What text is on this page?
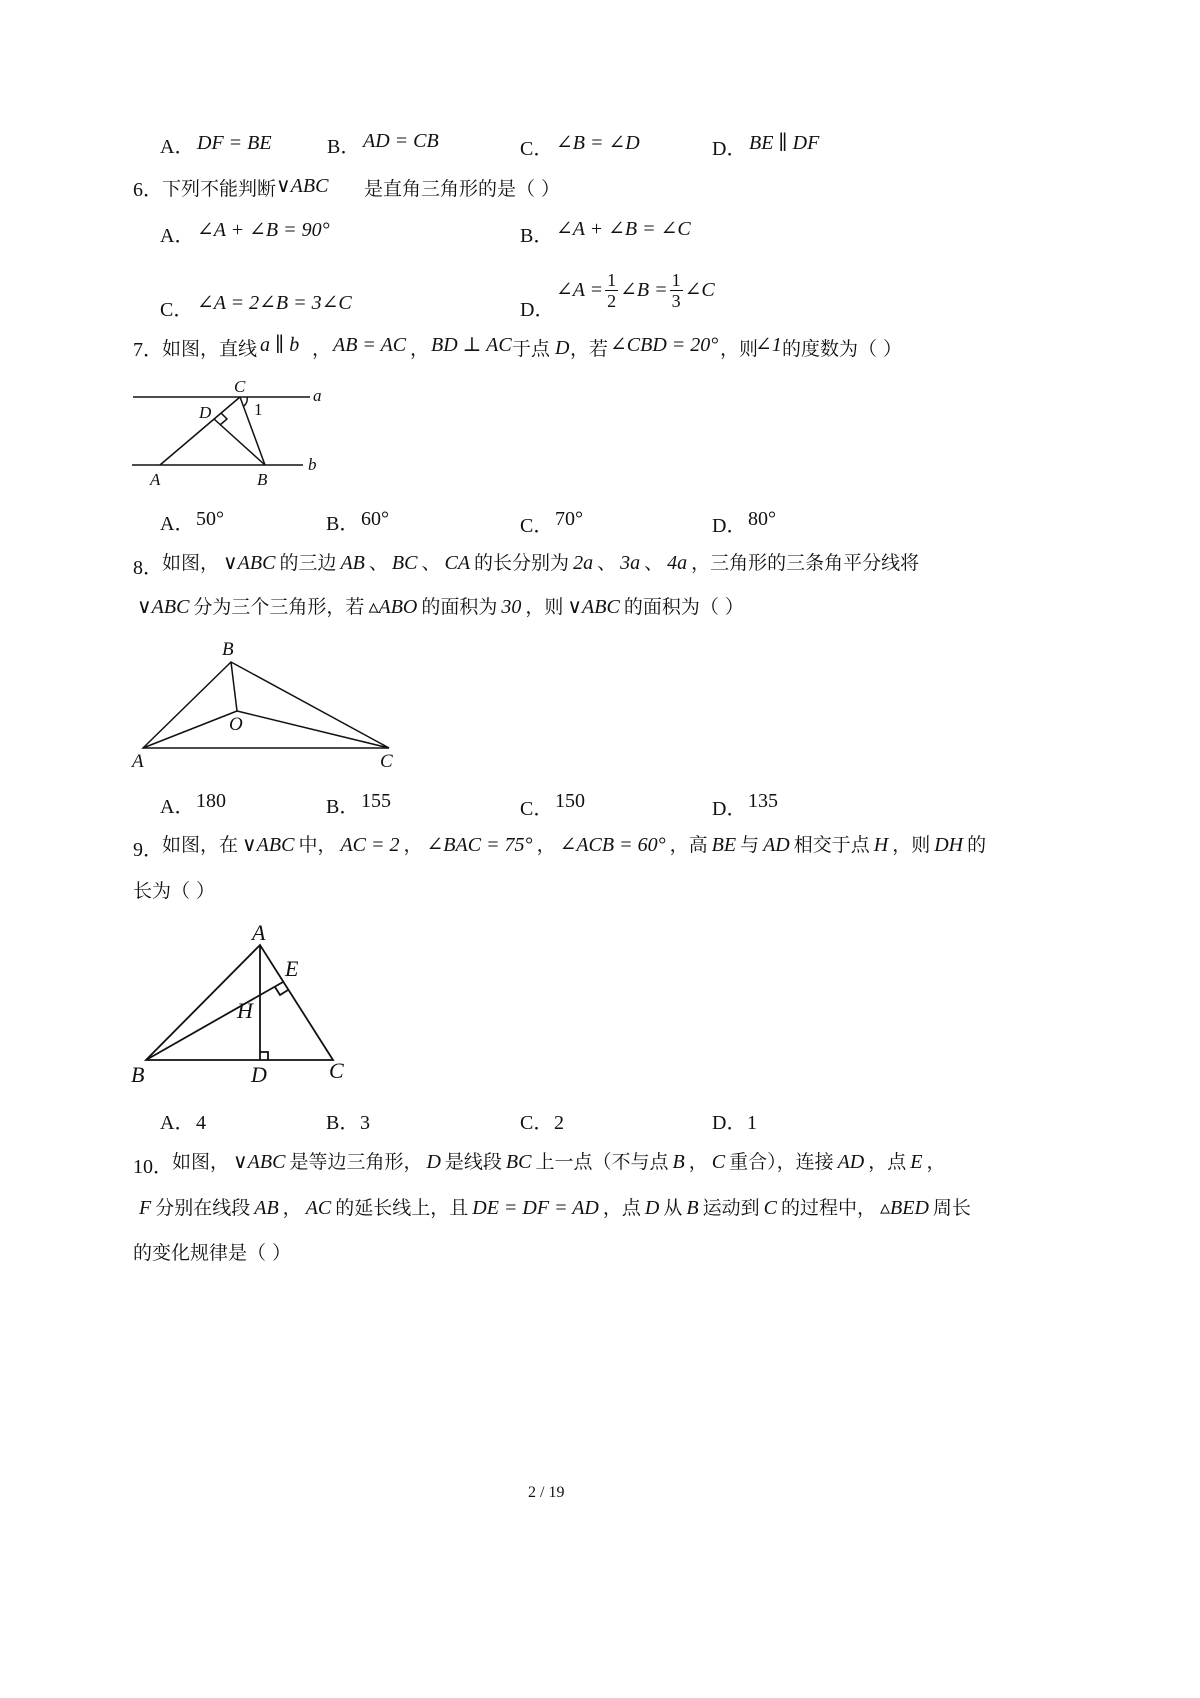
A． DF = BE	B． AD = CB	C． ∠B = ∠D	D． BE ∥ DF
6． 下列不能判断 ∨ABC 是直角三角形的是（ ）
A． ∠A + ∠B = 90°	B． ∠A + ∠B = ∠C
C． ∠A = 2∠B = 3∠C	D．
∠A = $\frac{1}{2}$ ∠B = $\frac{1}{3}$ ∠C
7． 如图，直线 a ∥ b ， AB = AC ， BD ⊥ AC 于点 D ，若 ∠CBD = 20° ，则
∠1 的度数为（ ）
C
D	1
a
b
A	B
A． 50°	B． 60°	C． 70°	D． 80°
8． 如图， ∨ABC 的三边 AB 、 BC 、 CA 的长分别为 2a 、 3a 、 4a ，三角形的三条角平分线将
∨ABC 分为三个三角形，若 ▵ABO 的面积为 30 ，则 ∨ABC 的面积为（ ）
B
O
A	C
A． 180	B． 155	C． 150	D． 135
9． 如图，在 ∨ABC 中， AC = 2 ， ∠BAC = 75° ， ∠ACB = 60° ，高 BE 与 AD 相交于点 H ，则 DH 的
长为（ ）
A
E
H
B	D	C
A． 4	B． 3	C． 2	D． 1
10． 如图， ∨ABC 是等边三角形， D 是线段 BC 上一点（不与点 B ， C 重合），连接 AD ，点 E ，
F 分别在线段 AB ， AC 的延长线上，且 DE = DF = AD ，点 D 从 B 运动到 C 的过程中， ▵BED 周长
的变化规律是（ ）
2 / 19
